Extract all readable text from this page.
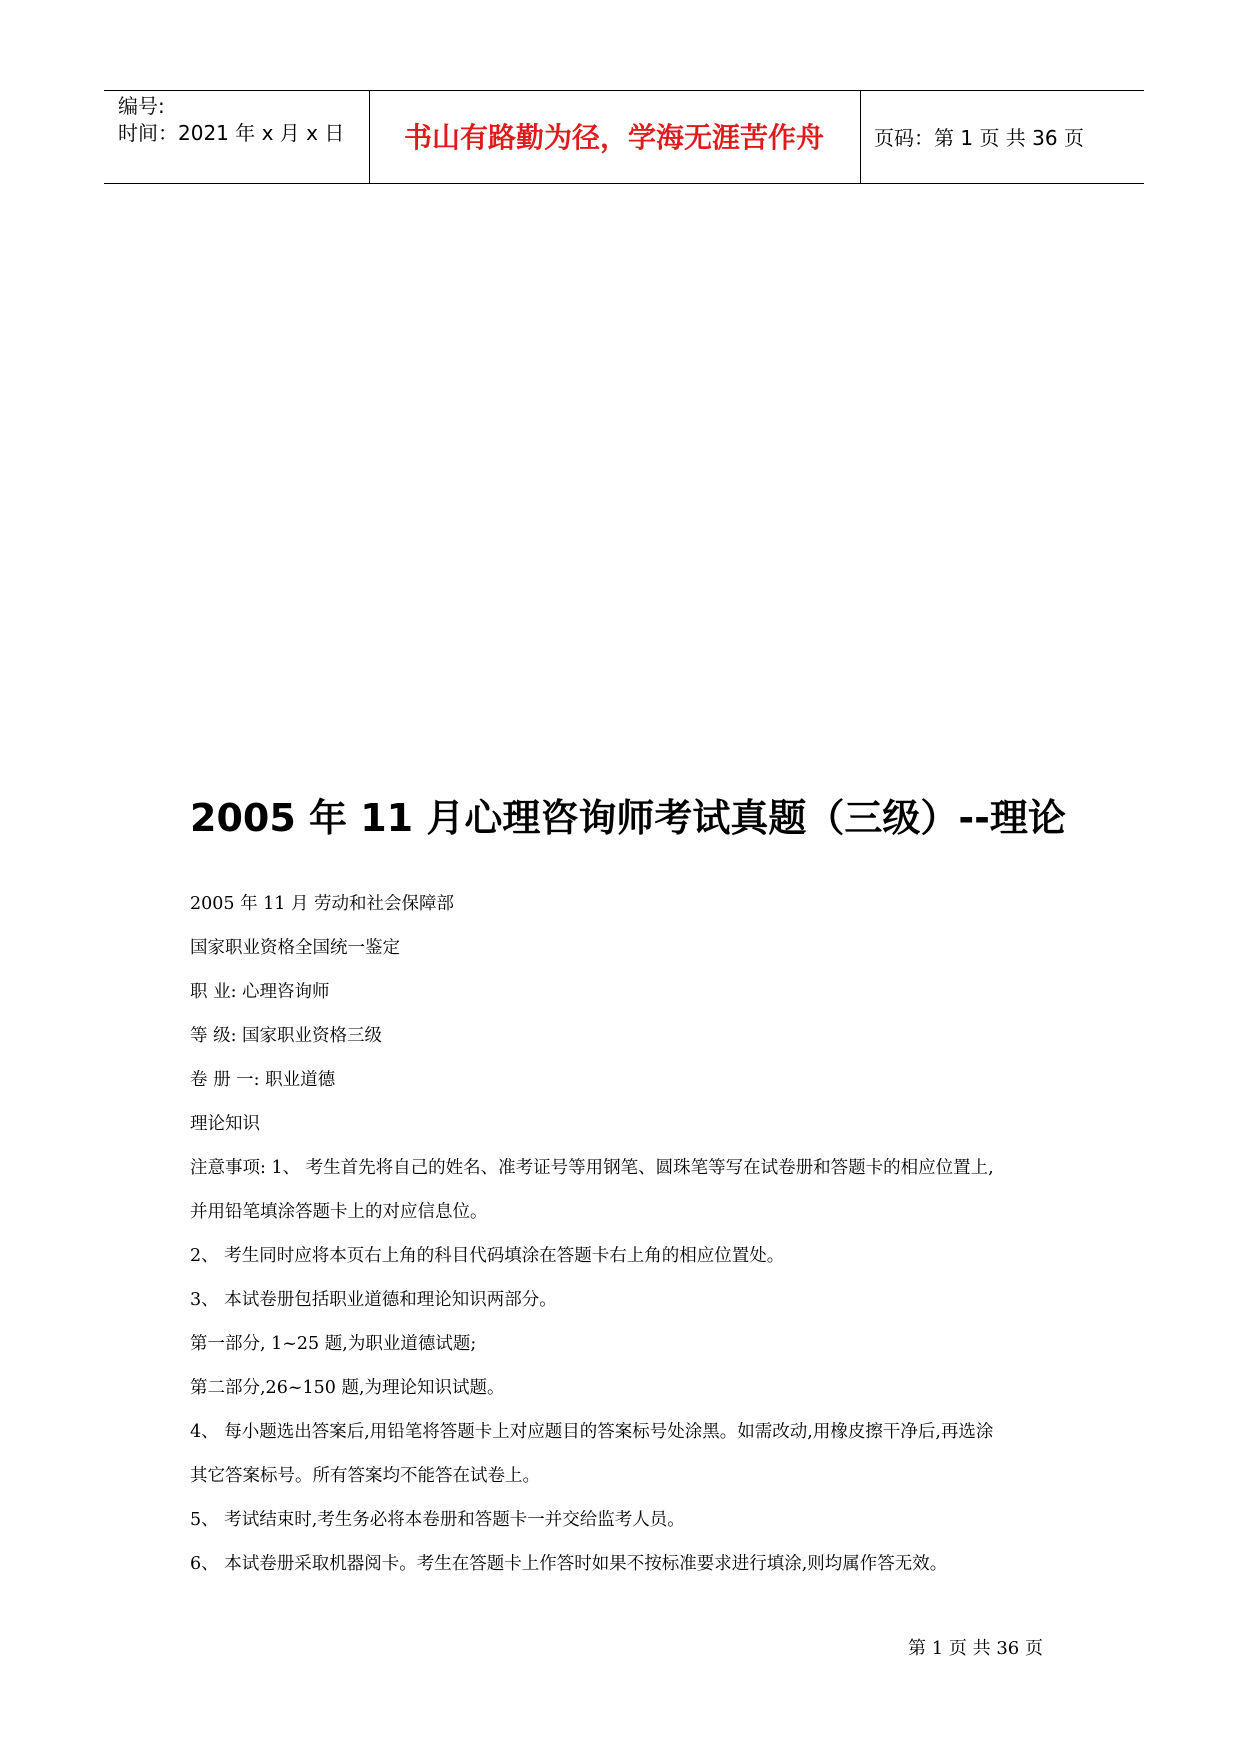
编号:
时间：2021 年 x 月 x 日	书山有路勤为径，学海无涯苦作舟	页码：第 1 页 共 36 页
2005 年 11 月心理咨询师考试真题（三级）--理论
2005 年 11 月 劳动和社会保障部
国家职业资格全国统一鉴定
职 业: 心理咨询师
等 级: 国家职业资格三级
卷 册 一: 职业道德
理论知识
注意事项: 1、 考生首先将自己的姓名、准考证号等用钢笔、圆珠笔等写在试卷册和答题卡的相应位置上,
并用铅笔填涂答题卡上的对应信息位。
2、 考生同时应将本页右上角的科目代码填涂在答题卡右上角的相应位置处。
3、 本试卷册包括职业道德和理论知识两部分。
第一部分, 1~25 题,为职业道德试题;
第二部分,26~150 题,为理论知识试题。
4、 每小题选出答案后,用铅笔将答题卡上对应题目的答案标号处涂黑。如需改动,用橡皮擦干净后,再选涂
其它答案标号。所有答案均不能答在试卷上。
5、 考试结束时,考生务必将本卷册和答题卡一并交给监考人员。
6、 本试卷册采取机器阅卡。考生在答题卡上作答时如果不按标准要求进行填涂,则均属作答无效。
第 1 页 共 36 页
